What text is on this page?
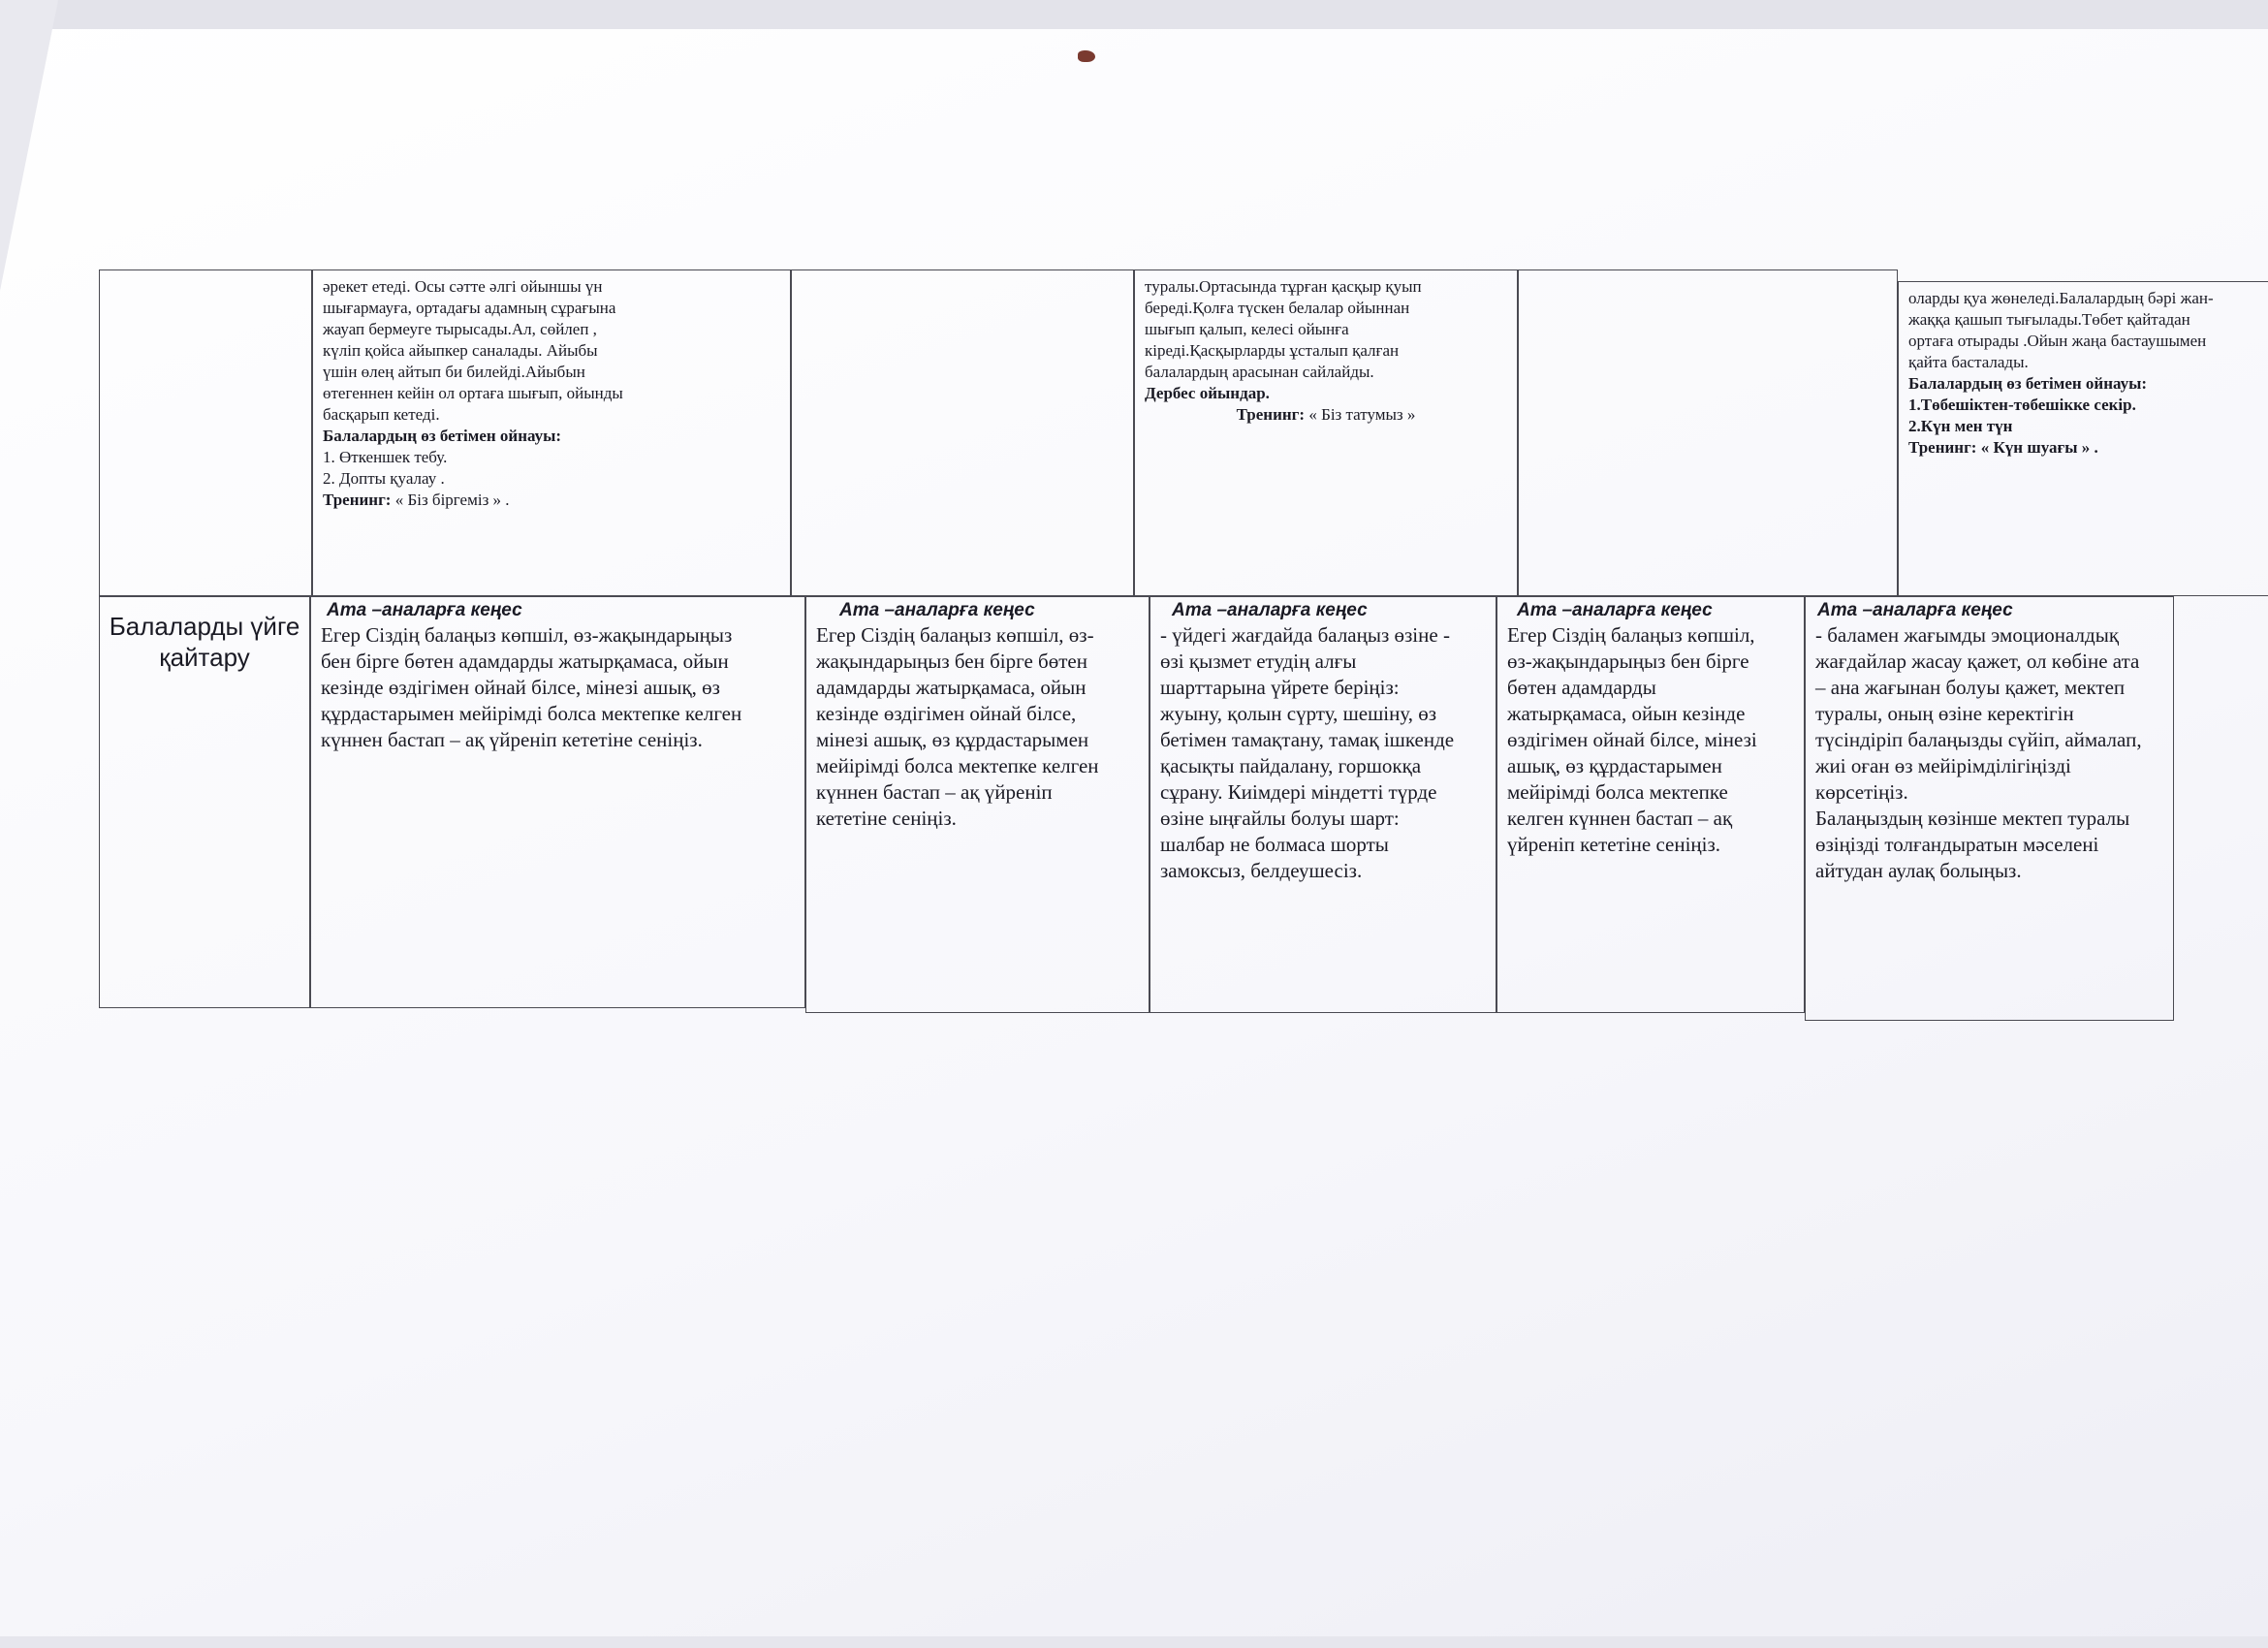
әрекет етеді. Осы сәтте әлгі ойыншы үн
шығармауға, ортадағы адамның сұрағына
жауап бермеуге тырысады.Ал, сөйлеп ,
күліп қойса айыпкер саналады. Айыбы
үшін өлең айтып би билейді.Айыбын
өтегеннен кейін ол ортаға шығып, ойынды
басқарып кетеді.
Балалардың өз бетімен ойнауы:
1. Өткеншек тебу.
2. Допты қуалау .
Тренинг: « Біз біргеміз » .
туралы.Ортасында тұрған қасқыр қуып
береді.Қолға түскен белалар ойыннан
шығып қалып, келесі ойынға
кіреді.Қасқырларды ұсталып қалған
балалардың арасынан сайлайды.
Дербес ойындар.
Тренинг: « Біз татумыз »
оларды қуа жөнеледі.Балалардың бәрі жан-
жаққа қашып тығылады.Төбет қайтадан
ортаға отырады .Ойын жаңа бастаушымен
қайта басталады.
Балалардың өз бетімен ойнауы:
1.Төбешіктен-төбешікке секір.
2.Күн мен түн
Тренинг: « Күн шуағы » .
Балаларды үйге қайтару
Ата –аналарға кеңес
Егер Сіздің балаңыз көпшіл, өз-жақындарыңыз
бен бірге бөтен адамдарды жатырқамаса, ойын
кезінде өздігімен ойнай білсе, мінезі ашық, өз
құрдастарымен мейірімді болса мектепке келген
күннен бастап – ақ үйреніп кететіне сеніңіз.
Ата –аналарға кеңес
Егер Сіздің балаңыз көпшіл, өз-
жақындарыңыз бен бірге бөтен
адамдарды жатырқамаса, ойын
кезінде өздігімен ойнай білсе,
мінезі ашық, өз құрдастарымен
мейірімді болса мектепке келген
күннен бастап – ақ үйреніп
кететіне сеніңіз.
Ата –аналарға кеңес
- үйдегі жағдайда балаңыз өзіне -
өзі қызмет етудің алғы
шарттарына үйрете беріңіз:
жуыну, қолын сүрту, шешіну, өз
бетімен тамақтану, тамақ ішкенде
қасықты пайдалану, горшокқа
сұрану. Киімдері міндетті түрде
өзіне ыңғайлы болуы шарт:
шалбар не болмаса шорты
замоксыз, белдеушесіз.
Ата –аналарға кеңес
Егер Сіздің балаңыз көпшіл,
өз-жақындарыңыз бен бірге
бөтен адамдарды
жатырқамаса, ойын кезінде
өздігімен ойнай білсе, мінезі
ашық, өз құрдастарымен
мейірімді болса мектепке
келген күннен бастап – ақ
үйреніп кететіне сеніңіз.
Ата –аналарға кеңес
- баламен жағымды эмоционалдық
жағдайлар жасау қажет, ол көбіне ата
– ана жағынан болуы қажет, мектеп
туралы, оның өзіне керектігін
түсіндіріп балаңызды сүйіп, аймалап,
жиі оған өз мейірімділігіңізді көрсетіңіз.
Балаңыздың көзінше мектеп туралы
өзіңізді толғандыратын мәселені
айтудан аулақ болыңыз.
